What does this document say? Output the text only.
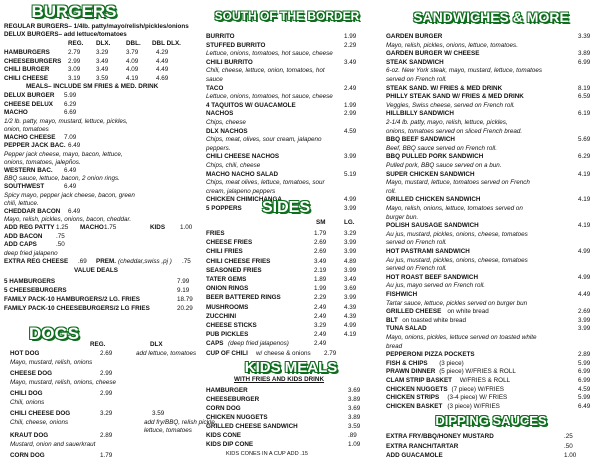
BURGERS
REGULAR BURGERS– 1/4lb. patty/mayo/relish/pickles/onions
DELUX BURGERS– add lettuce/tomatoes
REG. DLX. DBL. DBL DLX.
HAMBURGERS	2.79 3.29	3.79	4.29
CHEESEBURGERS 2.99 3.49	4.09	4.49
CHILI BURGER	3.09 3.49	4.09	4.49
CHILI CHEESE	3.19 3.59	4.19	4.69
MEALS– INCLUDE SM FRIES & MED. DRINK
DELUX BURGER 5.99
CHEESE DELUX 6.29
MACHO	6.69
1/2 lb. patty, mayo, mustard, lettuce, pickles,
onion, tomatoes
MACHO CHEESE 7.09
PEPPER JACK BAC. 6.49
Pepper jack cheese, mayo, bacon, lettuce,
onions, tomatoes, jalepños.
WESTERN BAC. 6.49
BBQ sauce, lettuce, bacon, 2 onion rings.
SOUTHWEST	6.49
Spicy mayo, pepper jack cheese, bacon, green
chili, lettuce.
CHEDDAR BACON 6.49
Mayo, relish, pickles, onions, bacon, cheddar.
ADD REG PATTY 1.25 MACHO 1.75	KIDS 1.00
ADD BACON .75
ADD CAPS	.50
deep fried jalapeno
EXTRA REG CHEESE .69 PREM. (cheddar,swiss ,pj ) .75
VALUE DEALS
5 HAMBURGERS	7.99
5 CHEESEBURGERS	9.19
FAMILY PACK-10 HAMBURGERS/2 LG. FRIES	18.79
FAMILY PACK-10 CHEESEBURGERS/2 LG FRIES	20.29
DOGS
REG.	DLX
HOT DOG	2.69	add lettuce, tomatoes
Mayo, mustard, relish, onions
CHEESE DOG	2.99
Mayo, mustard, relish, onions, cheese
CHILI DOG	2.99
Chili, onions
CHILI CHEESE DOG	3.29	3.59
add fry/BBQ, relish pickle,
Chili, cheese, onions
lettuce, tomatoes
KRAUT DOG	2.89
Mustard, onion and sauerkraut
CORN DOG	1.79
SOUTH OF THE BORDER
BURRITO	1.99
STUFFED BURRITO	2.29
Lettuce, onions, tomatoes, hot sauce, cheese
CHILI BURRITO	3.49
Chili, cheese, lettuce, onion, tomatoes, hot
sauce
TACO	2.49
Lettuce, onions, tomatoes, hot sauce, cheese
4 TAQUITOS W/ GUACAMOLE	1.99
NACHOS	2.99
Chips, cheese
DLX NACHOS	4.59
Chips, meat, olives, sour cream, jalapeno
peppers.
CHILI CHEESE NACHOS	3.99
Chips, chili, cheese
MACHO NACHO SALAD	5.19
Chips, meat olives, lettuce, tomatoes, sour
cream, jalapeno peppers
CHICKEN CHIMICHANGA	4.99
5 POPPERS	3.99
SIDES
SM	LG.
FRIES	1.79	3.29
CHEESE FRIES	2.69	3.99
CHILI FRIES	2.69	3.99
CHILI CHEESE FRIES	3.49	4.89
SEASONED FRIES	2.19	3.99
TATER GEMS	1.89	3.49
ONION RINGS	1.99	3.69
BEER BATTERED RINGS	2.29	3.99
MUSHROOMS	2.49	4.39
ZUCCHINI	2.49	4.39
CHEESE STICKS	3.29	4.99
PUB PICKLES	2.49	4.19
CAPS (deep fried jalapenos)	2.49
CUP OF CHILI w/ cheese & onions 2.79
KIDS MEALS
WITH FRIES AND KIDS DRINK
HAMBURGER	3.69
CHEESEBURGER	3.89
CORN DOG	3.69
CHICKEN NUGGETS	3.89
GRILLED CHEESE SANDWICH	3.59
KIDS CONE	.89
KIDS DIP CONE	1.09
KIDS CONES IN A CUP ADD .15
SANDWICHES & MORE
GARDEN BURGER	3.39
Mayo, relish, pickles, onions, lettuce, tomatoes.
GARDEN BURGER W/ CHEESE	3.89
STEAK SANDWICH	6.99
6-oz. New York steak, mayo, mustard, lettuce, tomatoes
served on French roll.
STEAK SAND. W/ FRIES & MED DRINK	8.19
PHILLY STEAK SAND W/ FRIES & MED DRINK	6.59
Veggies, Swiss cheese, served on French roll.
HILLBILLY SANDWICH	6.19
2-1/4 lb. patty, mayo, relish, lettuce, pickles,
onions, tomatoes served on sliced French bread.
BBQ BEEF SANDWICH	5.69
Beef, BBQ sauce served on French roll.
BBQ PULLED PORK SANDWICH	6.29
Pulled pork, BBQ sauce served on a bun.
SUPER CHICKEN SANDWICH	4.19
Mayo, mustard, lettuce, tomatoes served on French
roll.
GRILLED CHICKEN SANDWICH	4.19
Mayo, relish, onions, lettuce, tomatoes served on
burger bun.
POLISH SAUSAGE SANDWICH	4.19
Au jus, mustard, pickles, onions, cheese, tomatoes
served on French roll.
HOT PASTRAMI SANDWICH	4.99
Au jus, mustard, pickles, onions, cheese, tomatoes
served on French roll.
HOT ROAST BEEF SANDWICH	4.99
Au jus, mayo served on French roll.
FISHWICH	4.49
Tartar sauce, lettuce, pickles served on burger bun
GRILLED CHEESE on white bread	2.69
BLT on toasted white bread	3.99
TUNA SALAD	3.99
Mayo, onions, pickles, lettuce served on toasted white
bread
PEPPERONI PIZZA POCKETS	2.89
FISH & CHIPS (3 piece)	5.99
PRAWN DINNER (5 piece) W/FRIES & ROLL	6.99
CLAM STRIP BASKET W/FRIES & ROLL	6.99
CHICKEN NUGGETS (7 piece) W/FRIES	4.59
CHICKEN STRIPS (3-4 piece) W/ FRIES	5.99
CHICKEN BASKET (3 piece) W/FRIES	6.49
DIPPING SAUCES
EXTRA FRY/BBQ/HONEY MUSTARD	.25
EXTRA RANCH/TARTAR	.50
ADD GUACAMOLE	1.00
